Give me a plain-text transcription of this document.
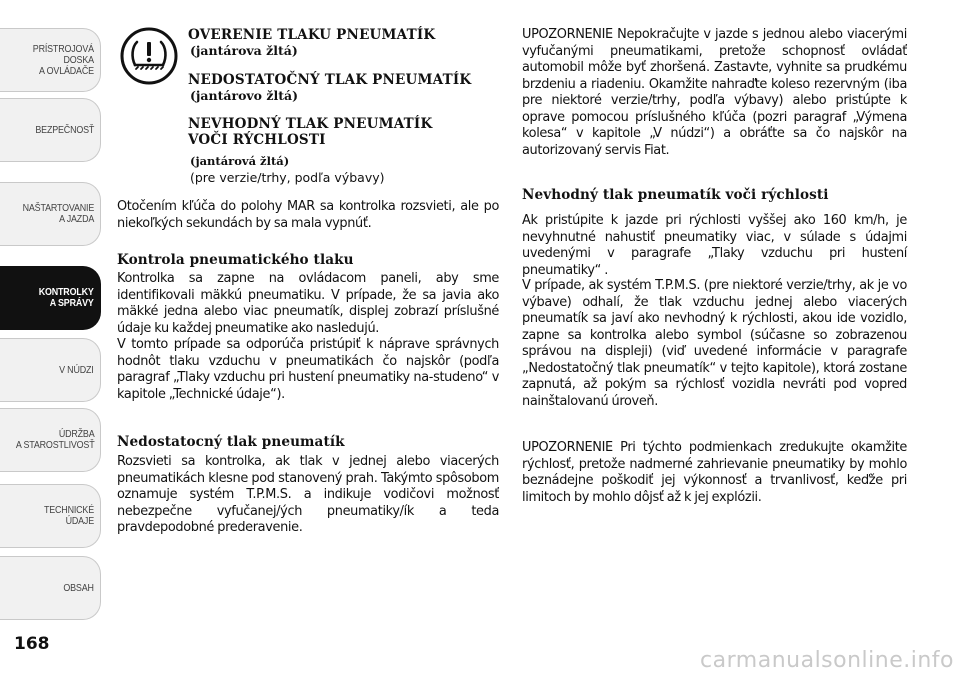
PRÍSTROJOVÁ
DOSKA
A OVLÁDAČE
BEZPEČNOSŤ
NAŠTARTOVANIE
A JAZDA
KONTROLKY
A SPRÁVY
V NÚDZI
ÚDRŽBA
A STAROSTLIVOSŤ
TECHNICKÉ ÚDAJE
OBSAH
168
OVERENIE TLAKU PNEUMATÍK
(jantárova žltá)
NEDOSTATOČNÝ TLAK PNEUMATÍK
(jantárovo žltá)
NEVHODNÝ TLAK PNEUMATÍK
VOČI RÝCHLOSTI
(jantárová žltá)
(pre verzie/trhy, podľa výbavy)

Otočením kľúča do polohy MAR sa kontrolka rozsvieti, ale po niekoľkých sekundách by sa mala vypnúť.

Kontrola pneumatického tlaku

Kontrolka sa zapne na ovládacom paneli, aby sme identifikovali mäkkú pneumatiku. V prípade, že sa javia ako mäkké jedna alebo viac pneumatík, displej zobrazí príslušné údaje ku každej pneumatike ako nasledujú.

V tomto prípade sa odporúča pristúpiť k náprave správnych hodnôt tlaku vzduchu v pneumatikách čo najskôr (podľa paragraf „Tlaky vzduchu pri hustení pneumatiky na-studeno“ v kapitole „Technické údaje“).

Nedostatocný tlak pneumatík

Rozsvieti sa kontrolka, ak tlak v jednej alebo viacerých pneumatikách klesne pod stanovený prah. Takýmto spôsobom oznamuje systém T.P.M.S. a indikuje vodičovi možnosť nebezpečne vyfučanej/ých pneumatiky/ík a teda pravdepodobné prederavenie.

UPOZORNENIE Nepokračujte v jazde s jednou alebo viacerými vyfučanými pneumatikami, pretože schopnosť ovládať automobil môže byť zhoršená. Zastavte, vyhnite sa prudkému brzdeniu a riadeniu. Okamžite nahraďte koleso rezervným (iba pre niektoré verzie/trhy, podľa výbavy) alebo pristúpte k oprave pomocou príslušného kľúča (pozri paragraf „Výmena kolesa“ v kapitole „V núdzi“) a obráťte sa čo najskôr na autorizovaný servis Fiat.

Nevhodný tlak pneumatík voči rýchlosti

Ak pristúpite k jazde pri rýchlosti vyššej ako 160 km/h, je nevyhnutné nahustiť pneumatiky viac, v súlade s údajmi uvedenými v paragrafe „Tlaky vzduchu pri hustení pneumatiky“ .

V prípade, ak systém T.P.M.S. (pre niektoré verzie/trhy, ak je vo výbave) odhalí, že tlak vzduchu jednej alebo viacerých pneumatík sa javí ako nevhodný k rýchlosti, akou ide vozidlo, zapne sa kontrolka alebo symbol (súčasne so zobrazenou správou na displeji) (viď uvedené informácie v paragrafe „Nedostatočný tlak pneumatík“ v tejto kapitole), ktorá zostane zapnutá, až pokým sa rýchlosť vozidla nevráti pod vopred nainštalovanú úroveň.

UPOZORNENIE Pri týchto podmienkach zredukujte okamžite rýchlosť, pretože nadmerné zahrievanie pneumatiky by mohlo beznádejne poškodiť jej výkonnosť a trvanlivosť, keďže pri limitoch by mohlo dôjsť až k jej explózii.

carmanualsonline.info
